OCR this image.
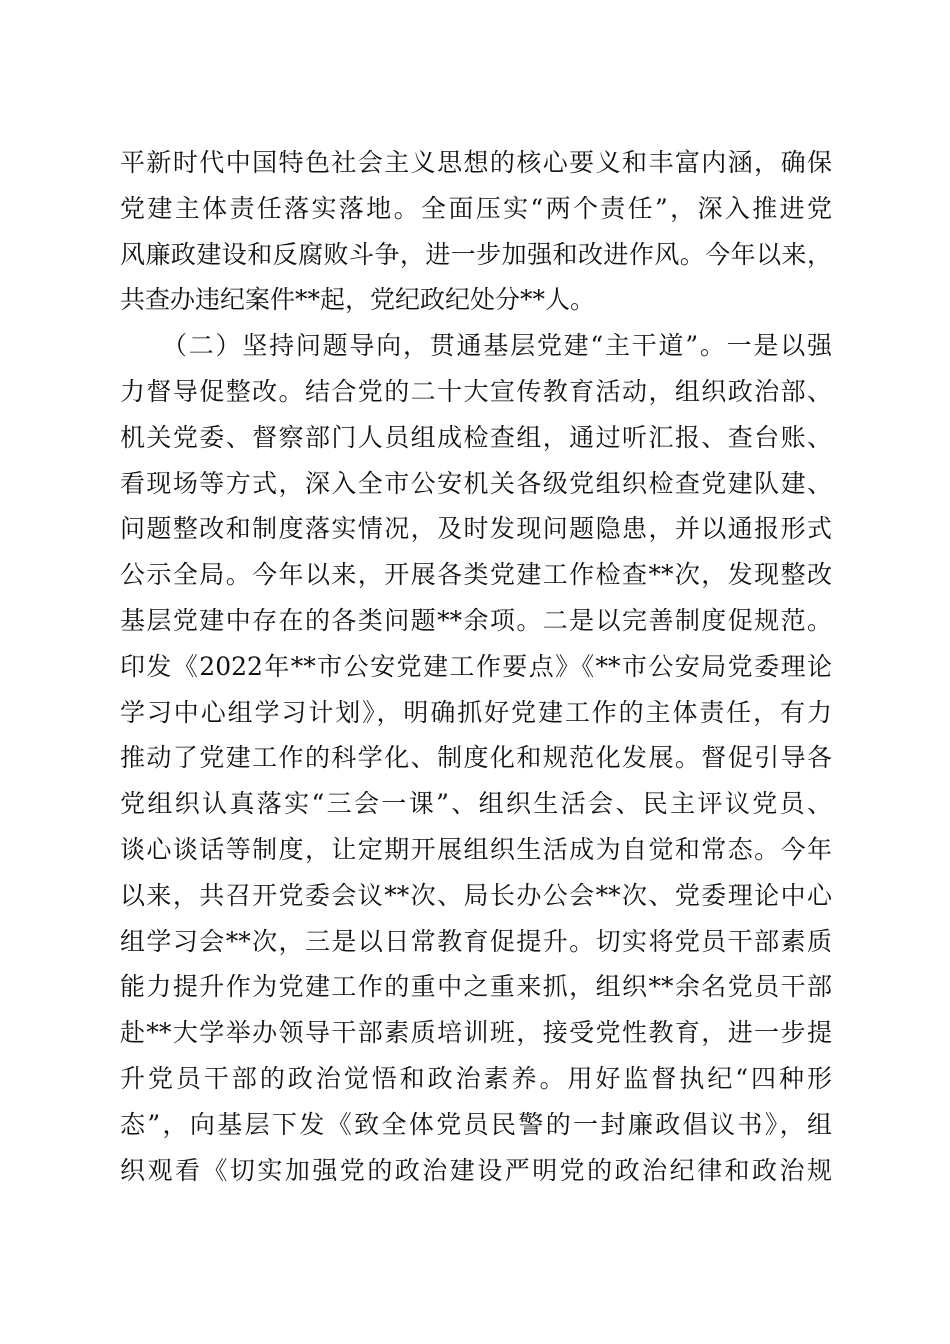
平新时代中国特色社会主义思想的核心要义和丰富内涵，确保
党建主体责任落实落地。全面压实“两个责任”，深入推进党
风廉政建设和反腐败斗争，进一步加强和改进作风。今年以来，
共查办违纪案件**起，党纪政纪处分**人。
（二）坚持问题导向，贯通基层党建“主干道”。一是以强
力督导促整改。结合党的二十大宣传教育活动，组织政治部、
机关党委、督察部门人员组成检查组，通过听汇报、查台账、
看现场等方式，深入全市公安机关各级党组织检查党建队建、
问题整改和制度落实情况，及时发现问题隐患，并以通报形式
公示全局。今年以来，开展各类党建工作检查**次，发现整改
基层党建中存在的各类问题**余项。二是以完善制度促规范。
印发《2022年**市公安党建工作要点》《**市公安局党委理论
学习中心组学习计划》，明确抓好党建工作的主体责任，有力
推动了党建工作的科学化、制度化和规范化发展。督促引导各
党组织认真落实“三会一课”、组织生活会、民主评议党员、
谈心谈话等制度，让定期开展组织生活成为自觉和常态。今年
以来，共召开党委会议**次、局长办公会**次、党委理论中心
组学习会**次，三是以日常教育促提升。切实将党员干部素质
能力提升作为党建工作的重中之重来抓，组织**余名党员干部
赴**大学举办领导干部素质培训班，接受党性教育，进一步提
升党员干部的政治觉悟和政治素养。用好监督执纪“四种形
态”，向基层下发《致全体党员民警的一封廉政倡议书》，组
织观看《切实加强党的政治建设严明党的政治纪律和政治规
